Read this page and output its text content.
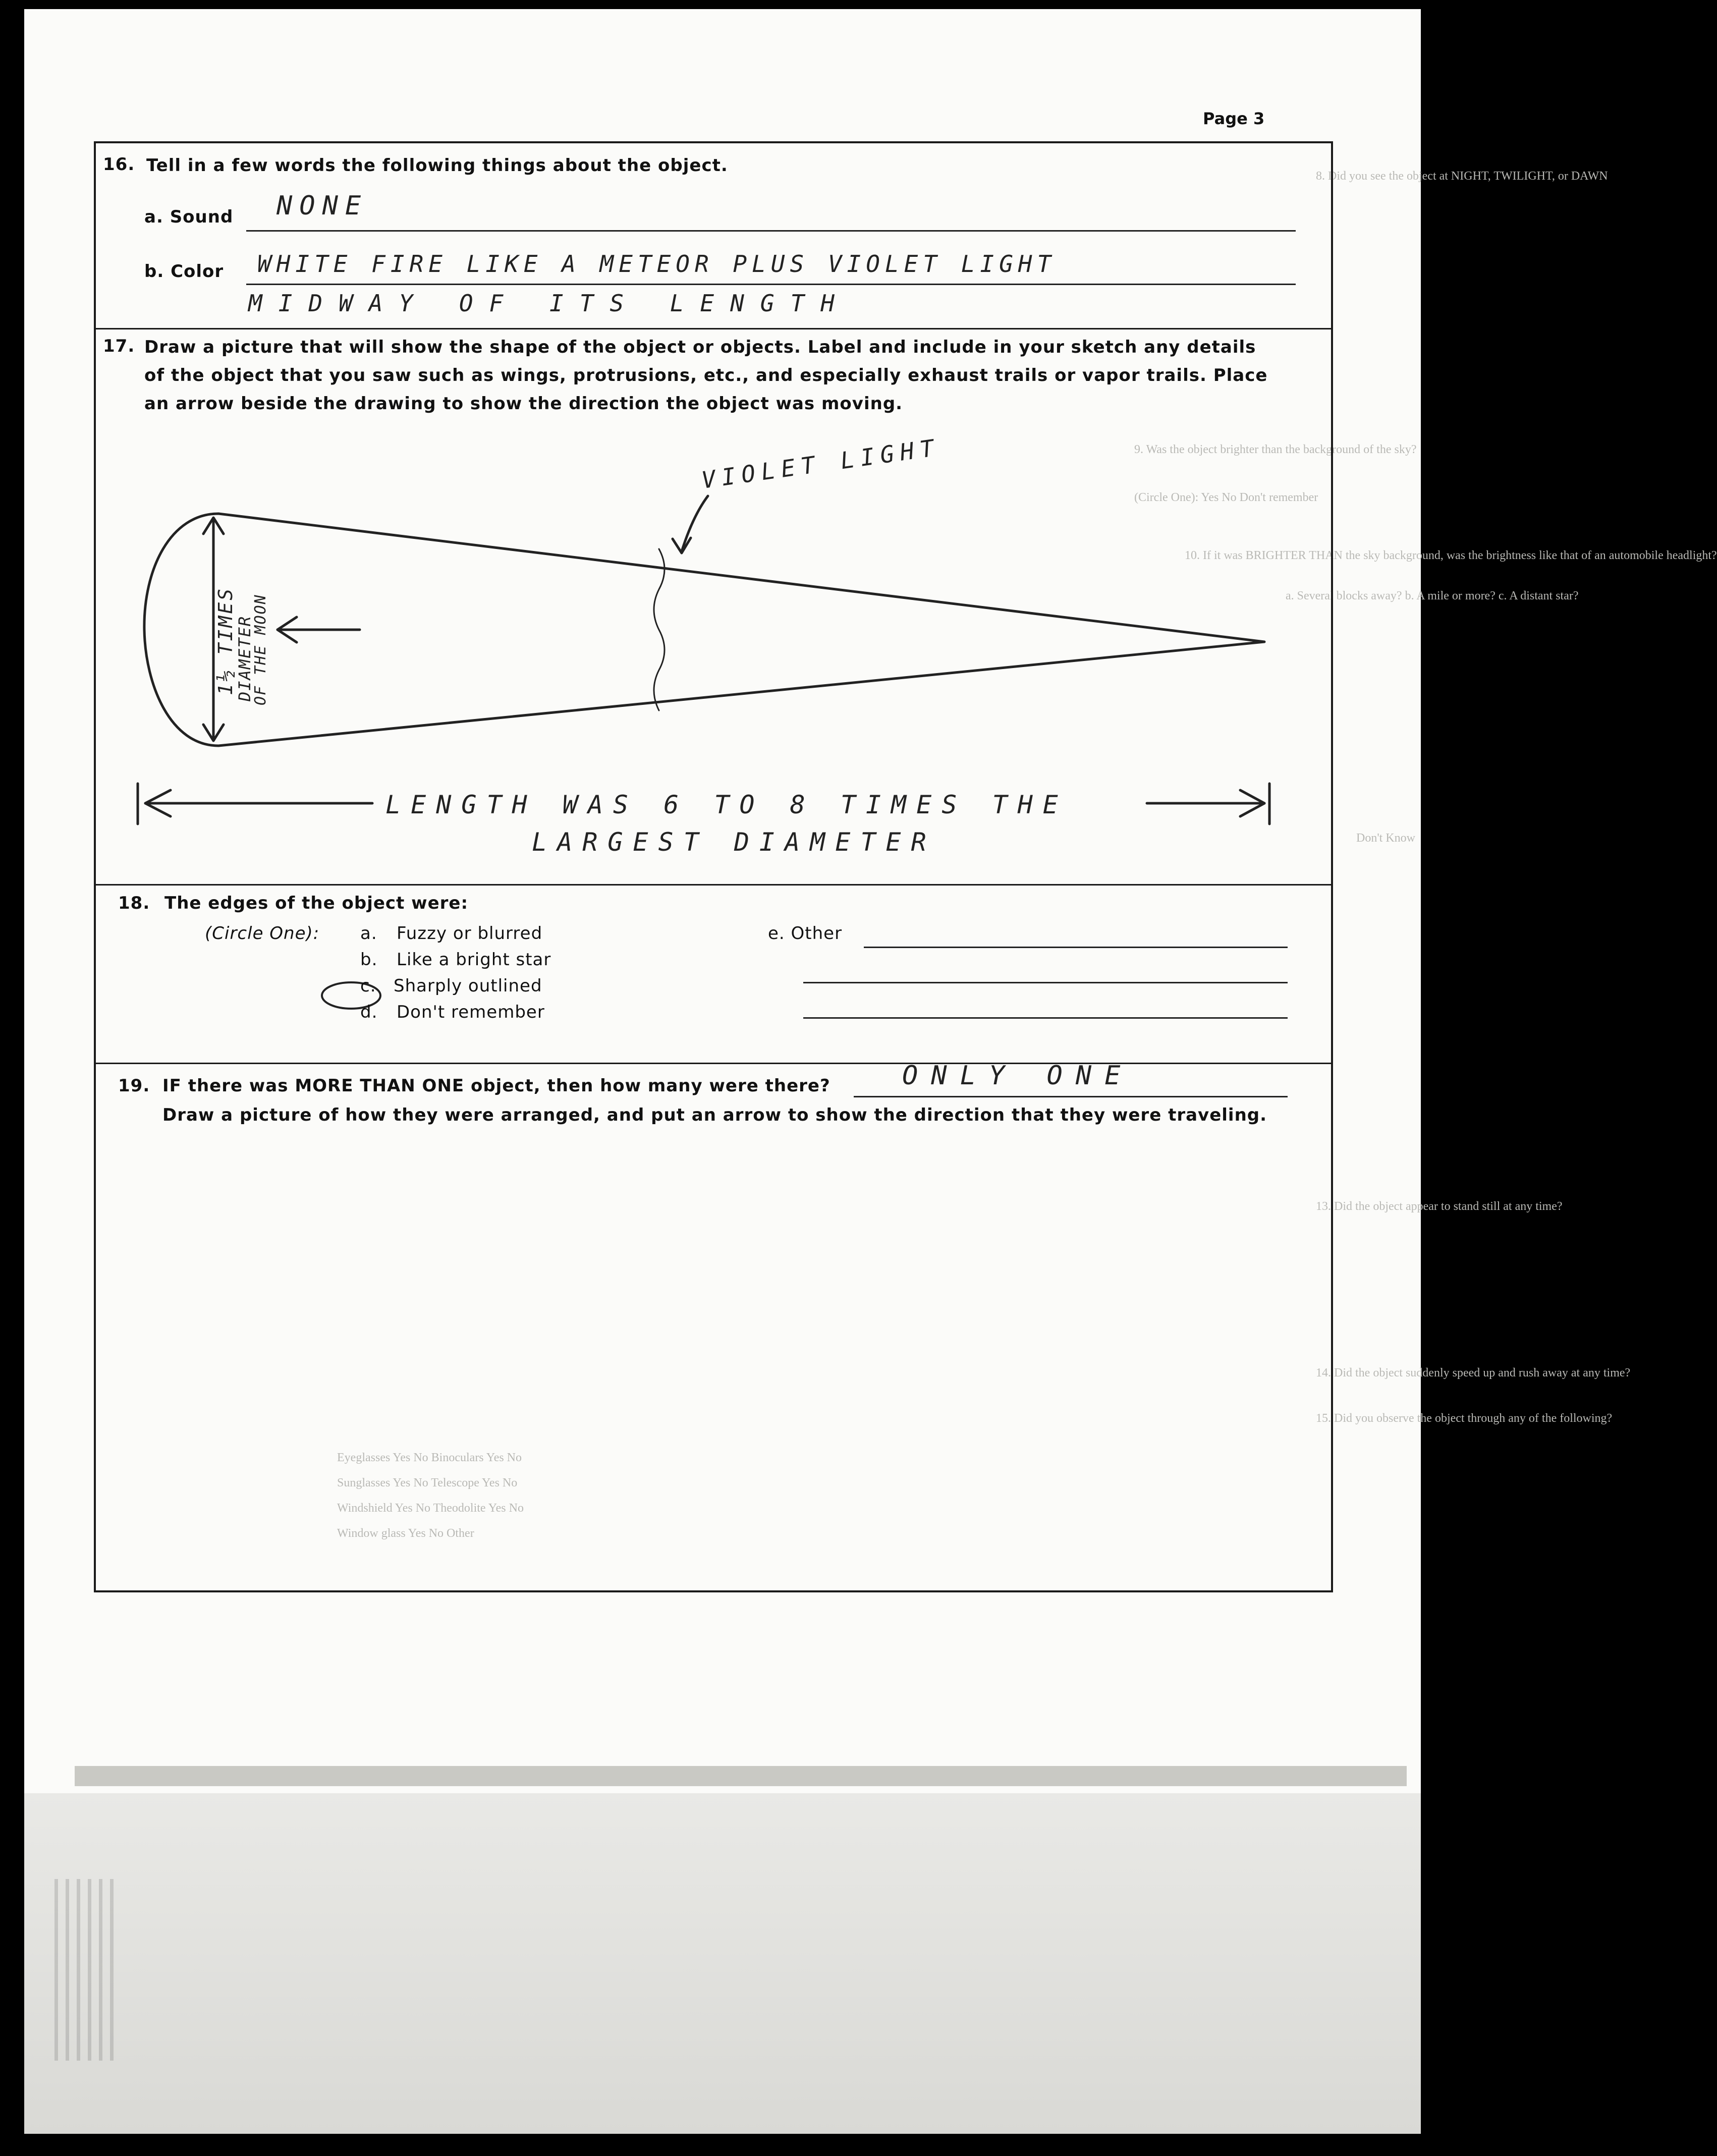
8. Did you see the object at NIGHT, TWILIGHT, or DAWN
9. Was the object brighter than the background of the sky?
(Circle One): Yes No Don't remember
10. If it was BRIGHTER THAN the sky background, was the brightness like that of an automobile headlight?
a. Several blocks away? b. A mile or more? c. A distant star?
Don't Know
13. Did the object appear to stand still at any time?
14. Did the object suddenly speed up and rush away at any time?
15. Did you observe the object through any of the following?
Page 3
16. Tell in a few words the following things about the object.
a. Sound NONE
b. Color WHITE FIRE LIKE A METEOR PLUS VIOLET LIGHT
MIDWAY OF ITS LENGTH
17. Draw a picture that will show the shape of the object or objects. Label and include in your sketch any details
of the object that you saw such as wings, protrusions, etc., and especially exhaust trails or vapor trails. Place
an arrow beside the drawing to show the direction the object was moving.
VIOLET LIGHT
1½ TIMES
DIAMETER
OF THE MOON
LENGTH WAS 6 TO 8 TIMES THE
LARGEST DIAMETER
18. The edges of the object were:
(Circle One): a. Fuzzy or blurred
b. Like a bright star
c. Sharply outlined
d. Don't remember
e. Other
19. IF there was MORE THAN ONE object, then how many were there?	ONLY ONE
Draw a picture of how they were arranged, and put an arrow to show the direction that they were traveling.
Eyeglasses Yes No Binoculars Yes No
Sunglasses Yes No Telescope Yes No
Windshield Yes No Theodolite Yes No
Window glass Yes No Other
